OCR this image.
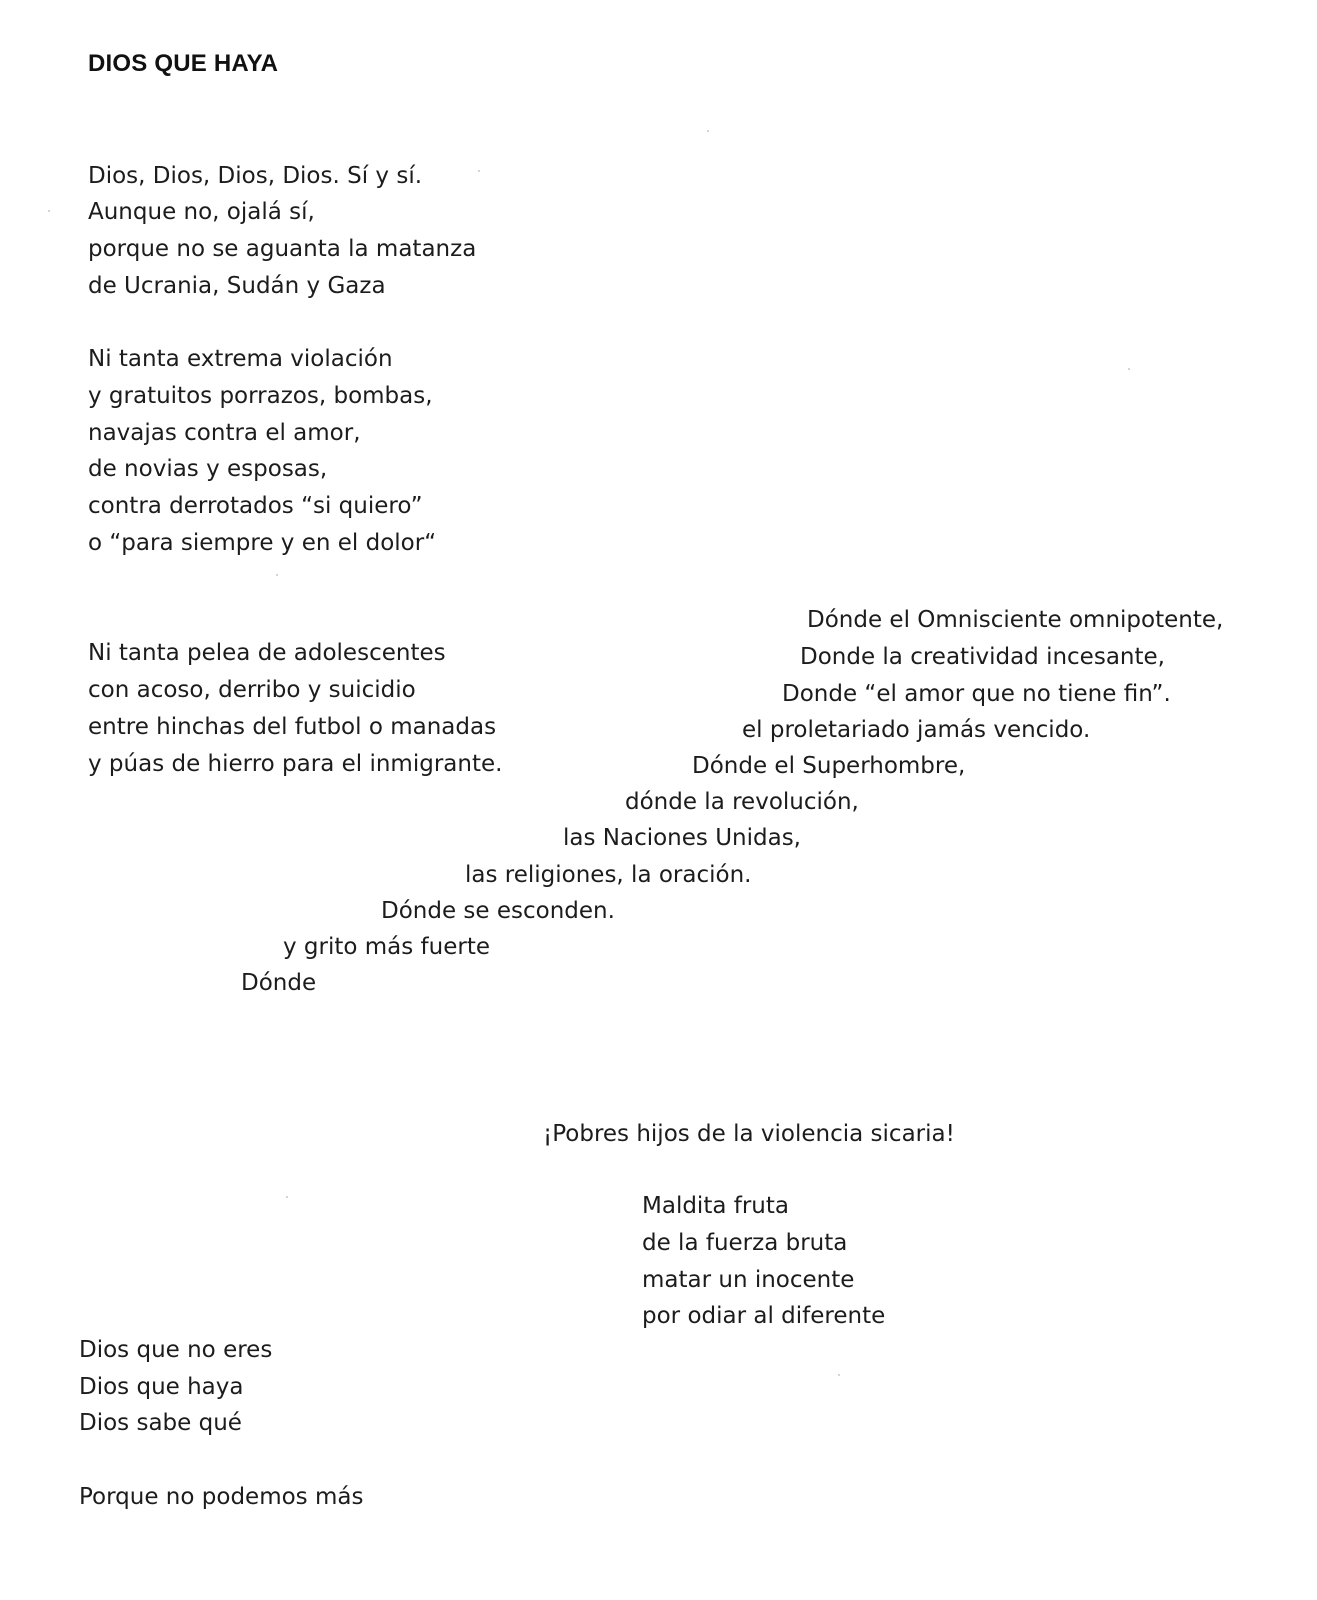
DIOS QUE HAYA
Dios, Dios, Dios, Dios. Sí y sí.
Aunque no, ojalá sí,
porque no se aguanta la matanza
de Ucrania, Sudán y Gaza
Ni tanta extrema violación
y gratuitos porrazos, bombas,
navajas contra el amor,
de novias y esposas,
contra derrotados “si quiero”
o “para siempre y en el dolor“
Ni tanta pelea de adolescentes
con acoso, derribo y suicidio
entre hinchas del futbol o manadas
y púas de hierro para el inmigrante.
Dónde el Omnisciente omnipotente,
Donde la creatividad incesante,
Donde “el amor que no tiene fin”.
el proletariado jamás vencido.
Dónde el Superhombre,
dónde la revolución,
las Naciones Unidas,
las religiones, la oración.
Dónde se esconden.
y grito más fuerte
Dónde
¡Pobres hijos de la violencia sicaria!
Maldita fruta
de la fuerza bruta
matar un inocente
por odiar al diferente
Dios que no eres
Dios que haya
Dios sabe qué
Porque no podemos más
